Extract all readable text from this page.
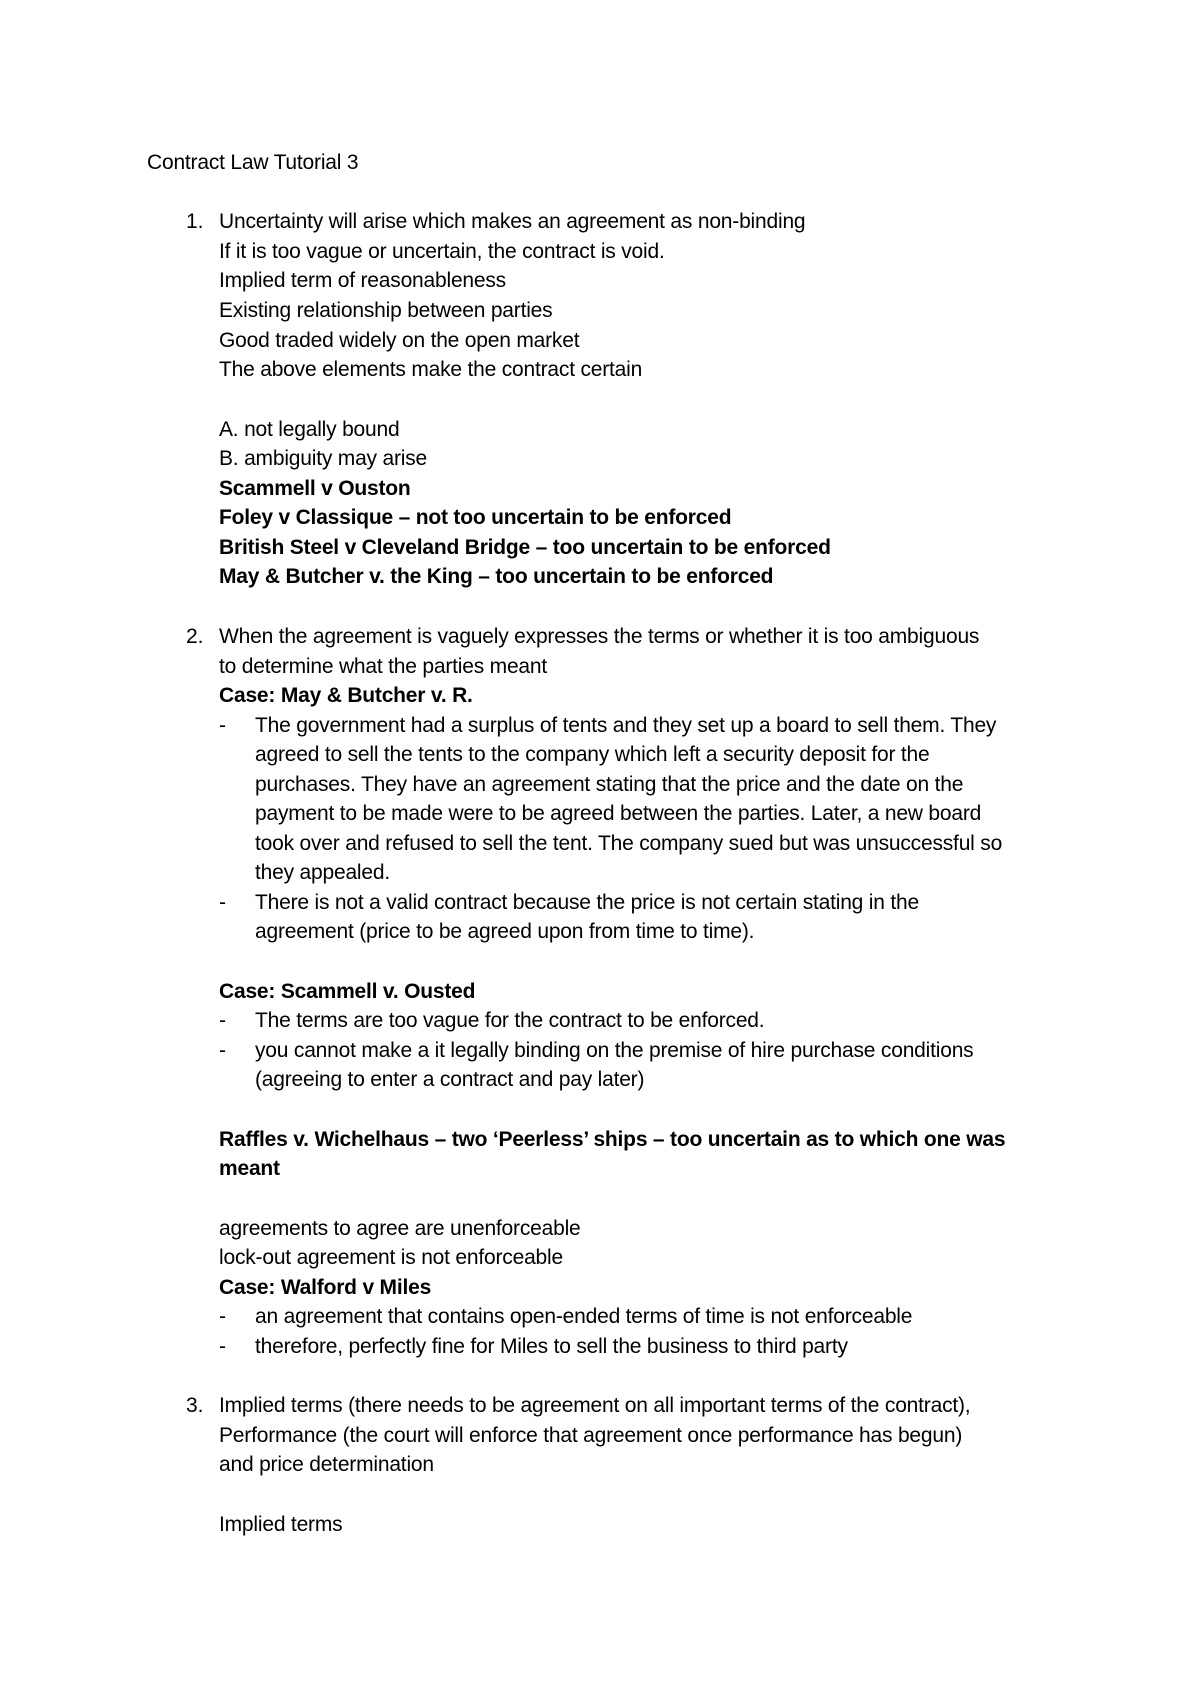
Contract Law Tutorial 3
1. Uncertainty will arise which makes an agreement as non-binding
If it is too vague or uncertain, the contract is void.
Implied term of reasonableness
Existing relationship between parties
Good traded widely on the open market
The above elements make the contract certain
A. not legally bound
B. ambiguity may arise
Scammell v Ouston
Foley v Classique – not too uncertain to be enforced
British Steel v Cleveland Bridge – too uncertain to be enforced
May & Butcher v. the King – too uncertain to be enforced
2. When the agreement is vaguely expresses the terms or whether it is too ambiguous
to determine what the parties meant
Case: May & Butcher v. R.
- The government had a surplus of tents and they set up a board to sell them. They
agreed to sell the tents to the company which left a security deposit for the
purchases. They have an agreement stating that the price and the date on the
payment to be made were to be agreed between the parties. Later, a new board
took over and refused to sell the tent. The company sued but was unsuccessful so
they appealed.
- There is not a valid contract because the price is not certain stating in the
agreement (price to be agreed upon from time to time).
Case: Scammell v. Ousted
- The terms are too vague for the contract to be enforced.
- you cannot make a it legally binding on the premise of hire purchase conditions
(agreeing to enter a contract and pay later)
Raffles v. Wichelhaus – two ‘Peerless’ ships – too uncertain as to which one was
meant
agreements to agree are unenforceable
lock-out agreement is not enforceable
Case: Walford v Miles
- an agreement that contains open-ended terms of time is not enforceable
- therefore, perfectly fine for Miles to sell the business to third party
3. Implied terms (there needs to be agreement on all important terms of the contract),
Performance (the court will enforce that agreement once performance has begun)
and price determination
Implied terms
